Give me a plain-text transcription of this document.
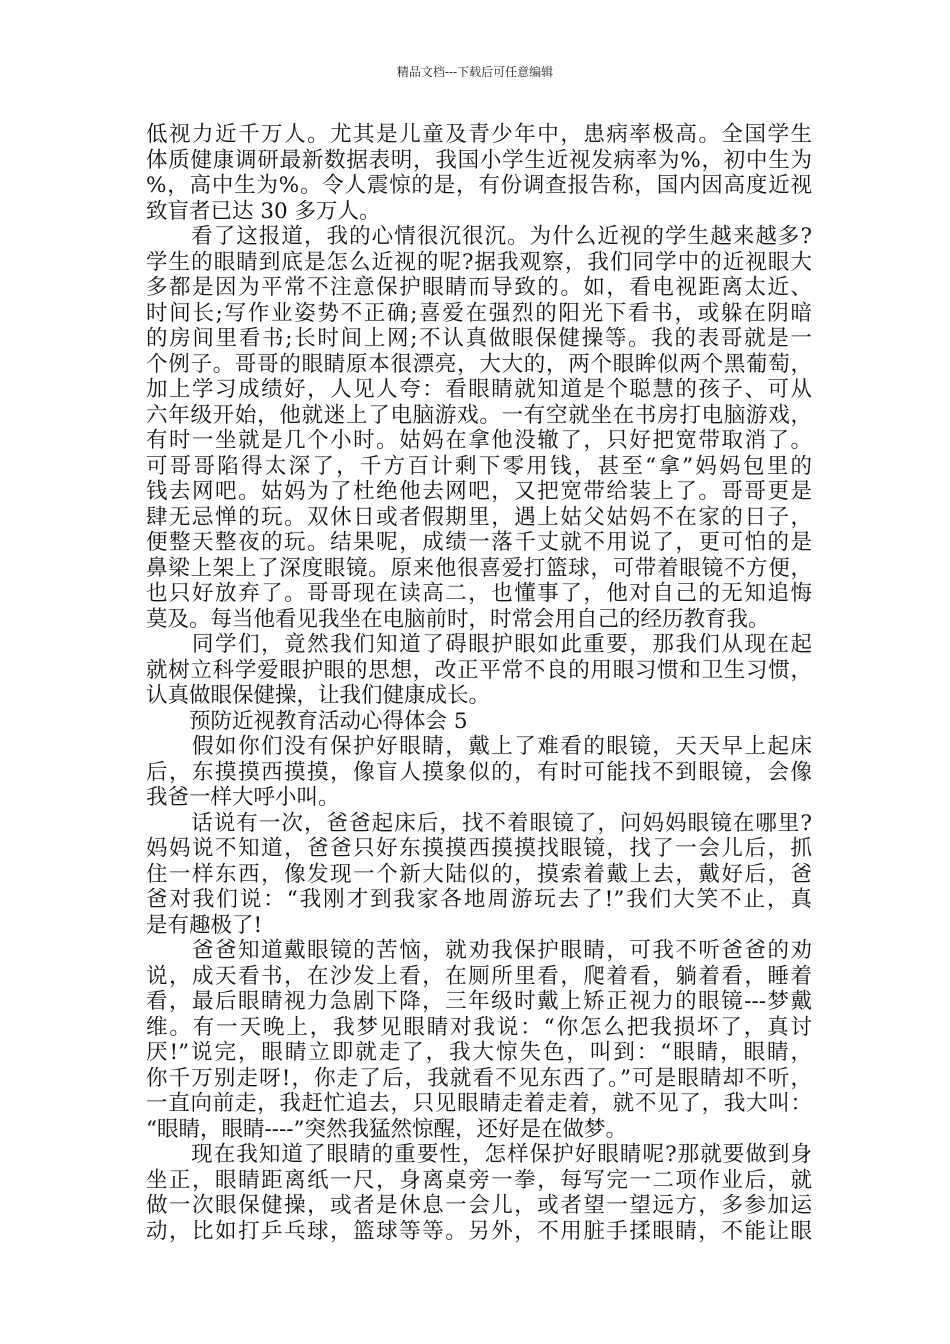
精品文档---下载后可任意编辑
低视力近千万人。尤其是儿童及青少年中，患病率极高。全国学生
体质健康调研最新数据表明，我国小学生近视发病率为%，初中生为
%，高中生为%。令人震惊的是，有份调查报告称，国内因高度近视
致盲者已达 30 多万人。
　　看了这报道，我的心情很沉很沉。为什么近视的学生越来越多?
学生的眼睛到底是怎么近视的呢?据我观察，我们同学中的近视眼大
多都是因为平常不注意保护眼睛而导致的。如，看电视距离太近、
时间长;写作业姿势不正确;喜爱在强烈的阳光下看书，或躲在阴暗
的房间里看书;长时间上网;不认真做眼保健操等。我的表哥就是一
个例子。哥哥的眼睛原本很漂亮，大大的，两个眼眸似两个黑葡萄，
加上学习成绩好，人见人夸：看眼睛就知道是个聪慧的孩子、可从
六年级开始，他就迷上了电脑游戏。一有空就坐在书房打电脑游戏，
有时一坐就是几个小时。姑妈在拿他没辙了，只好把宽带取消了。
可哥哥陷得太深了，千方百计剩下零用钱，甚至“拿”妈妈包里的
钱去网吧。姑妈为了杜绝他去网吧，又把宽带给装上了。哥哥更是
肆无忌惮的玩。双休日或者假期里，遇上姑父姑妈不在家的日子，
便整天整夜的玩。结果呢，成绩一落千丈就不用说了，更可怕的是
鼻梁上架上了深度眼镜。原来他很喜爱打篮球，可带着眼镜不方便，
也只好放弃了。哥哥现在读高二，也懂事了，他对自己的无知追悔
莫及。每当他看见我坐在电脑前时，时常会用自己的经历教育我。
　　同学们，竟然我们知道了碍眼护眼如此重要，那我们从现在起
就树立科学爱眼护眼的思想，改正平常不良的用眼习惯和卫生习惯，
认真做眼保健操，让我们健康成长。
　　预防近视教育活动心得体会 5
　　假如你们没有保护好眼睛，戴上了难看的眼镜，天天早上起床
后，东摸摸西摸摸，像盲人摸象似的，有时可能找不到眼镜，会像
我爸一样大呼小叫。
　　话说有一次，爸爸起床后，找不着眼镜了，问妈妈眼镜在哪里?
妈妈说不知道，爸爸只好东摸摸西摸摸找眼镜，找了一会儿后，抓
住一样东西，像发现一个新大陆似的，摸索着戴上去，戴好后，爸
爸对我们说：“我刚才到我家各地周游玩去了!”我们大笑不止，真
是有趣极了!
　　爸爸知道戴眼镜的苦恼，就劝我保护眼睛，可我不听爸爸的劝
说，成天看书，在沙发上看，在厕所里看，爬着看，躺着看，睡着
看，最后眼睛视力急剧下降，三年级时戴上矫正视力的眼镜---梦戴
维。有一天晚上，我梦见眼睛对我说：“你怎么把我损坏了，真讨
厌!”说完，眼睛立即就走了，我大惊失色，叫到：“眼睛，眼睛，
你千万别走呀!，你走了后，我就看不见东西了。”可是眼睛却不听，
一直向前走，我赶忙追去，只见眼睛走着走着，就不见了，我大叫：
“眼睛，眼睛----”突然我猛然惊醒，还好是在做梦。
　　现在我知道了眼睛的重要性，怎样保护好眼睛呢?那就要做到身
坐正，眼睛距离纸一尺，身离桌旁一拳，每写完一二项作业后，就
做一次眼保健操，或者是休息一会儿，或者望一望远方，多参加运
动，比如打乒乓球，篮球等等。另外，不用脏手揉眼睛，不能让眼
